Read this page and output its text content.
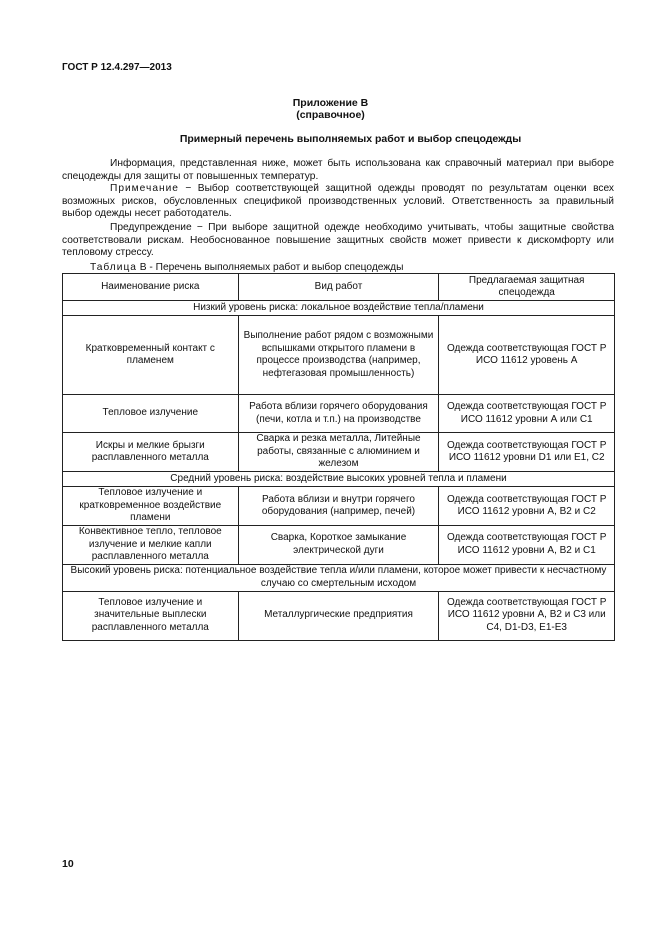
ГОСТ Р 12.4.297—2013
Приложение В
(справочное)
Примерный перечень выполняемых работ и выбор спецодежды

Информация, представленная ниже, может быть использована как справочный материал при выборе спецодежды для защиты от повышенных температур.

Примечание − Выбор соответствующей защитной одежды проводят по результатам оценки всех возможных рисков, обусловленных спецификой производственных условий. Ответственность за правильный выбор одежды несет работодатель.

Предупреждение − При выборе защитной одежде необходимо учитывать, чтобы защитные свойства соответствовали рискам. Необоснованное повышение защитных свойств может привести к дискомфорту или тепловому стрессу.

Таблица В - Перечень выполняемых работ и выбор спецодежды
Наименование риска	Вид работ	Предлагаемая защитная спецодежда
Низкий уровень риска: локальное воздействие тепла/пламени		
Кратковременный контакт с пламенем	Выполнение работ рядом с возможными вспышками открытого пламени в процессе производства (например, нефтегазовая промышленность)	Одежда соответствующая ГОСТ Р ИСО 11612 уровень А
Тепловое излучение	Работа вблизи горячего оборудования (печи, котла и т.п.) на производстве	Одежда соответствующая ГОСТ Р ИСО 11612 уровни А или С1
Искры и мелкие брызги расплавленного металла	Сварка и резка металла, Литейные работы, связанные с алюминием и железом	Одежда соответствующая ГОСТ Р ИСО 11612 уровни D1 или E1, C2
Средний уровень риска: воздействие высоких уровней тепла и пламени		
Тепловое излучение и кратковременное воздействие пламени	Работа вблизи и внутри горячего оборудования (например, печей)	Одежда соответствующая ГОСТ Р ИСО 11612 уровни А, В2 и С2
Конвективное тепло, тепловое излучение и мелкие капли расплавленного металла	Сварка, Короткое замыкание электрической дуги	Одежда соответствующая ГОСТ Р ИСО 11612 уровни А, В2 и С1
Высокий уровень риска: потенциальное воздействие тепла и/или пламени, которое может привести к несчастному случаю со смертельным исходом		
Тепловое излучение и значительные выплески расплавленного металла	Металлургические предприятия	Одежда соответствующая ГОСТ Р ИСО 11612 уровни А, В2 и С3 или С4, D1-D3, E1-E3
10
